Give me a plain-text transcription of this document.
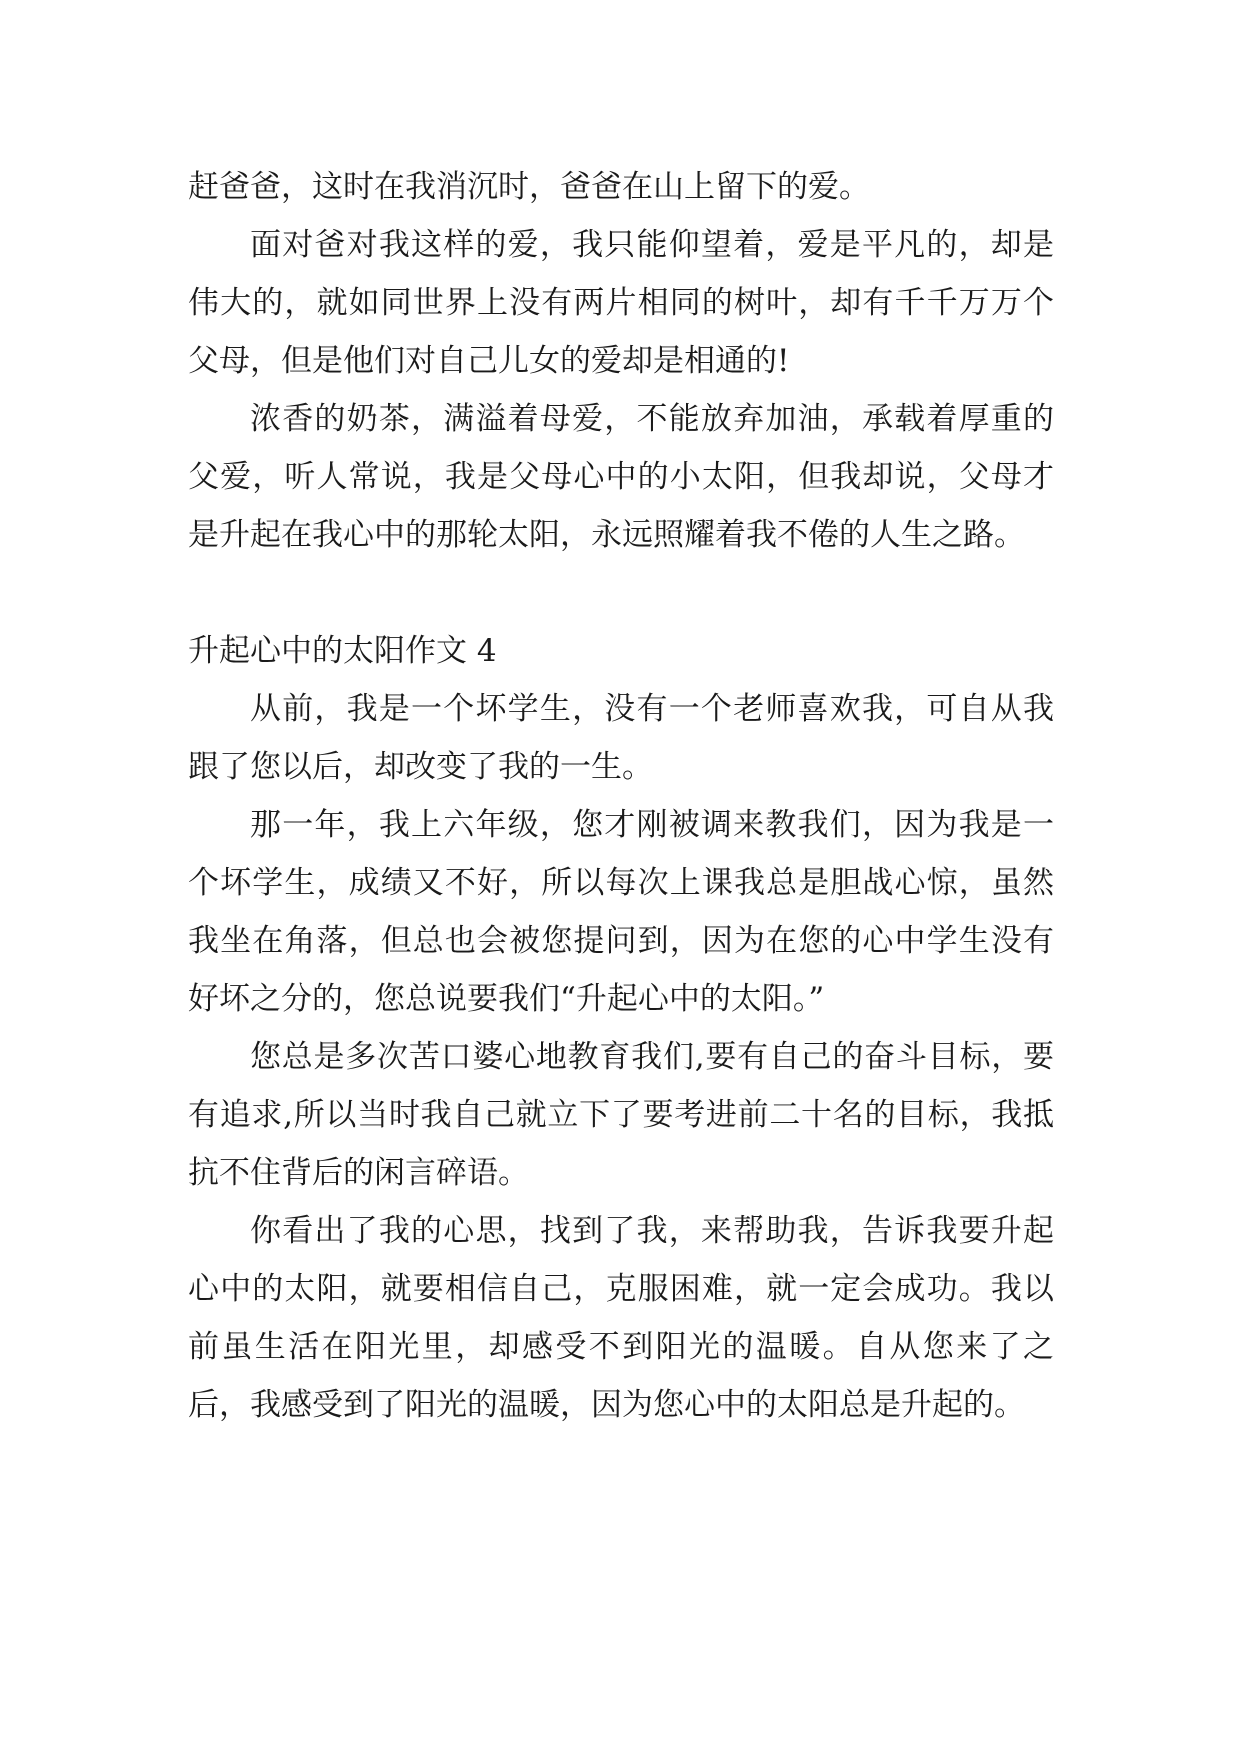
赶爸爸，这时在我消沉时，爸爸在山上留下的爱。

面对爸对我这样的爱，我只能仰望着，爱是平凡的，却是伟大的，就如同世界上没有两片相同的树叶，却有千千万万个父母，但是他们对自己儿女的爱却是相通的!

浓香的奶茶，满溢着母爱，不能放弃加油，承载着厚重的父爱，听人常说，我是父母心中的小太阳，但我却说，父母才是升起在我心中的那轮太阳，永远照耀着我不倦的人生之路。

升起心中的太阳作文 4

从前，我是一个坏学生，没有一个老师喜欢我，可自从我跟了您以后，却改变了我的一生。

那一年，我上六年级，您才刚被调来教我们，因为我是一个坏学生，成绩又不好，所以每次上课我总是胆战心惊，虽然我坐在角落，但总也会被您提问到，因为在您的心中学生没有好坏之分的，您总说要我们“升起心中的太阳。”

您总是多次苦口婆心地教育我们,要有自己的奋斗目标，要有追求,所以当时我自己就立下了要考进前二十名的目标，我抵抗不住背后的闲言碎语。

你看出了我的心思，找到了我，来帮助我，告诉我要升起心中的太阳，就要相信自己，克服困难，就一定会成功。我以前虽生活在阳光里，却感受不到阳光的温暖。自从您来了之后，我感受到了阳光的温暖，因为您心中的太阳总是升起的。
